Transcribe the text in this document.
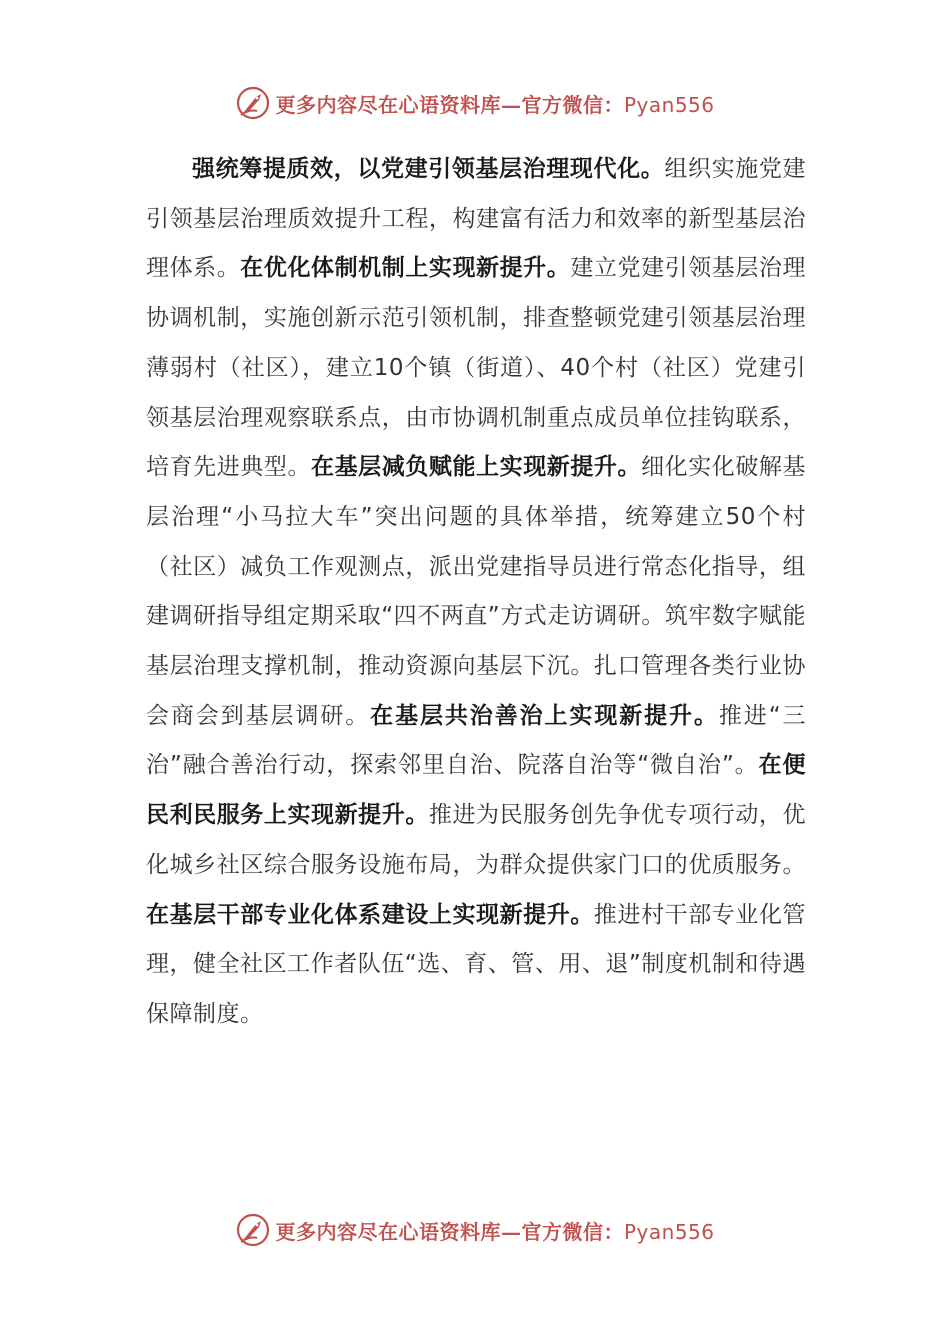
更多内容尽在心语资料库—官方微信：Pyan556

强统筹提质效，以党建引领基层治理现代化。组织实施党建引领基层治理质效提升工程，构建富有活力和效率的新型基层治理体系。在优化体制机制上实现新提升。建立党建引领基层治理协调机制，实施创新示范引领机制，排查整顿党建引领基层治理薄弱村（社区），建立10个镇（街道）、40个村（社区）党建引领基层治理观察联系点，由市协调机制重点成员单位挂钩联系，培育先进典型。在基层减负赋能上实现新提升。细化实化破解基层治理“小马拉大车”突出问题的具体举措，统筹建立50个村（社区）减负工作观测点，派出党建指导员进行常态化指导，组建调研指导组定期采取“四不两直”方式走访调研。筑牢数字赋能基层治理支撑机制，推动资源向基层下沉。扎口管理各类行业协会商会到基层调研。在基层共治善治上实现新提升。推进“三治”融合善治行动，探索邻里自治、院落自治等“微自治”。在便民利民服务上实现新提升。推进为民服务创先争优专项行动，优化城乡社区综合服务设施布局，为群众提供家门口的优质服务。在基层干部专业化体系建设上实现新提升。推进村干部专业化管理，健全社区工作者队伍“选、育、管、用、退”制度机制和待遇保障制度。

更多内容尽在心语资料库—官方微信：Pyan556
